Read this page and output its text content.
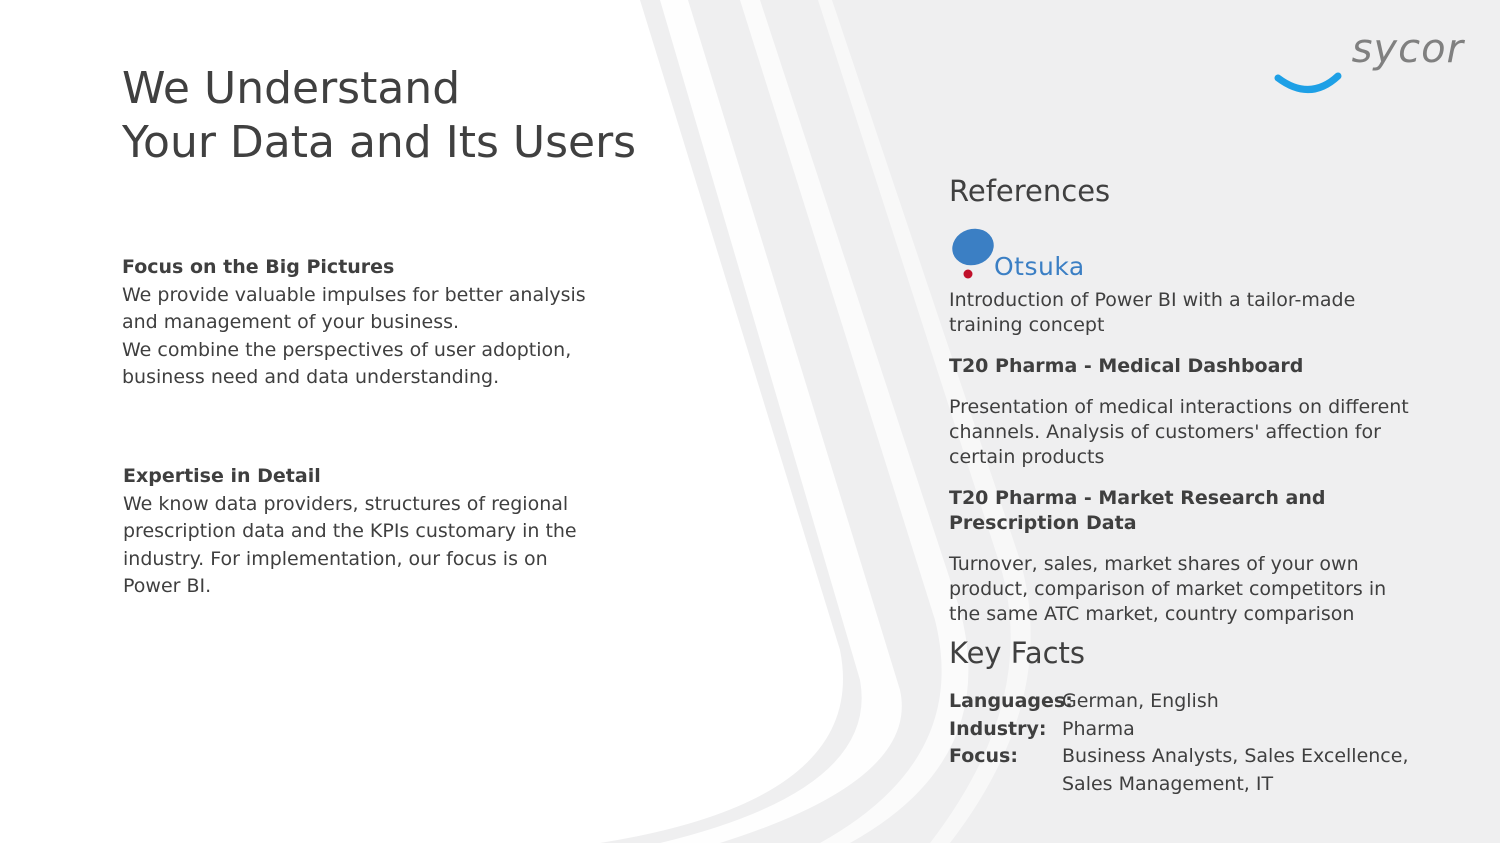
We Understand
Your Data and Its Users

Focus on the Big Pictures

We provide valuable impulses for better analysis and management of your business.

We combine the perspectives of user adoption, business need and data understanding.

Expertise in Detail

We know data providers, structures of regional prescription data and the KPIs customary in the industry. For implementation, our focus is on Power BI.

References
Otsuka
Introduction of Power BI with a tailor-made training concept
T20 Pharma - Medical Dashboard
Presentation of medical interactions on different channels. Analysis of customers' affection for certain products
T20 Pharma - Market Research and Prescription Data
Turnover, sales, market shares of your own product, comparison of market competitors in the same ATC market, country comparison
Key Facts
Languages:
German, English
Industry: Pharma
Focus:	Business Analysts, Sales Excellence, Sales Management, IT
sycor
